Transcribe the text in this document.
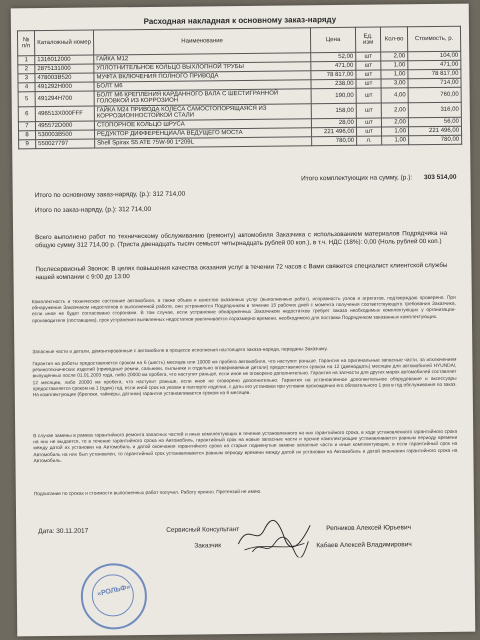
Расходная накладная к основному заказ-наряду
№ п/п	Каталожный номер	Наименование	Цена	Ед. изм	Кол-во	Стоимость, р.
1	1316012000	ГАЙКА М12	52,00	шт	2,00	104,00
2	2875131000	УПЛОТНИТЕЛЬНОЕ КОЛЬЦО ВЫХЛОПНОЙ ТРУБЫ	471,00	шт	1,00	471,00
3	478003B520	МУФТА ВКЛЮЧЕНИЯ ПОЛНОГО ПРИВОДА	78 817,00	шт	1,00	78 817,00
4	491292H000	БОЛТ М6	238,00	шт	3,00	714,00
5	491294H700	БОЛТ М6 КРЕПЛЕНИЯ КАРДАННОГО ВАЛА С ШЕСТИГРАННОЙ ГОЛОВКОЙ ИЗ КОРРОЗИОН	190,00	шт	4,00	760,00
6	496513X000FFF	ГАЙКА М24 ПРИВОДА КОЛЕСА САМОСТОПОРЯЩАЯСЯ ИЗ КОРРОЗИОННОСТОЙКОЙ СТАЛИ	158,00	шт	2,00	316,00
7	495572D000	СТОПОРНОЕ КОЛЬЦО ШРУСА	28,00	шт	2,00	56,00
8	530003B500	РЕДУКТОР ДИФФЕРЕНЦИАЛА ВЕДУЩЕГО МОСТА	221 496,00	шт	1,00	221 496,00
9	550027797	Shell Spirax S5 ATE 75W-90 1*209L	780,00	л.	1,00	780,00
Итого комплектующих на сумму, (р.): 303 514,00
Итого по основному заказ-наряду, (р.): 312 714,00
Итого по заказ-наряду, (р.): 312 714,00
Всего выполнено работ по техническому обслуживанию (ремонту) автомобиля Заказчика с использованием материалов Подрядчика на общую сумму 312 714,00 р. (Триста двенадцать тысяч семьсот четырнадцать рублей 00 коп.), в т.ч. НДС (18%): 0,00 (Ноль рублей 00 коп.)
Послесервисный Звонок: В целях повышения качества оказания услуг в течении 72 часов с Вами свяжется специалист клиентской службы нашей компании с 9:00 до 13:00
Комплектность и техническое состояние автомобиля, а также объем и качество оказанных услуг (выполненных работ), исправность узлов и агрегатов, подтверждаю проверено. При обнаружении Заказчиком недостатков в выполненной работе, они устраняются Подрядчиком в течение 15 рабочих дней с момента получения соответствующего требования Заказчика, если иное не будет согласовано сторонами. В том случае, если устранение обнаруженных Заказчиком недостатков требует заказа необходимых комплектующих у организации-производителя (поставщика), срок устранения выявленных недостатков увеличивается соразмерно времени, необходимого для поставки Подрядчиком заказанных комплектующих.
Запасные части и детали, демонтированные с автомобиля в процессе исполнения настоящего заказа-наряда, переданы Заказчику.
Гарантия на работы предоставляется сроком на 6 (шесть) месяцев или 10000 км пробега автомобиля, что наступит раньше. Гарантия на оригинальные запасные части, за исключением резинотехнических изделий (приводные ремни, сальники, пыльники и отдельно оговариваемые детали) предоставляется сроком на 12 (двенадцать) месяцев для автомобилей HYUNDAI, выпущенных после 01.01.2003 года, либо 20000 км пробега, что наступит раньше, если иное не оговорено дополнительно. Гарантия на запчасти для других марок автомобилей составляет 12 месяцев, либо 20000 км пробега, что наступит раньше, если иное не оговорено дополнительно. Гарантия на установленное дополнительное оборудование и аксессуары предоставляется сроком на 1 (один) год, если иной срок на указан в паспорте изделия, с даты его установки при условии прохождения его обязательного 1 раз в год обслуживания по заказ. На комплектующие (брелоки, таймеры, датчики) гарантия устанавливается сроком на 6 месяцев.
В случае замены в рамках гарантийного ремонта запасных частей и иных комплектующих в течение установленного на них гарантийного срока, в ходе установленного гарантийного срока на них не выдается, то в течение гарантийного срока на Автомобиль, гарантийный срок на новые запасные части и прочие комплектующие устанавливается равным периоду времени между датой их установки на Автомобиль и датой окончания гарантийного срока на старые подменутые замене запасные части и иные комплектующие, в если гарантийный срок на Автомобиль на них был установлен, то гарантийный срок устанавливается равным периоду времени между датой их установки на Автомобиль и датой окончания гарантийного срока на Автомобиль.
Подписание по сроках и стоимости выполненных работ получил. Работу принял. Претензий не имею.
Дата: 30.11.2017	Сервисный Консультант	Репников Алексей Юрьевич
Заказчик	Кабаев Алексей Владимирович
«РОЛЬФ»
